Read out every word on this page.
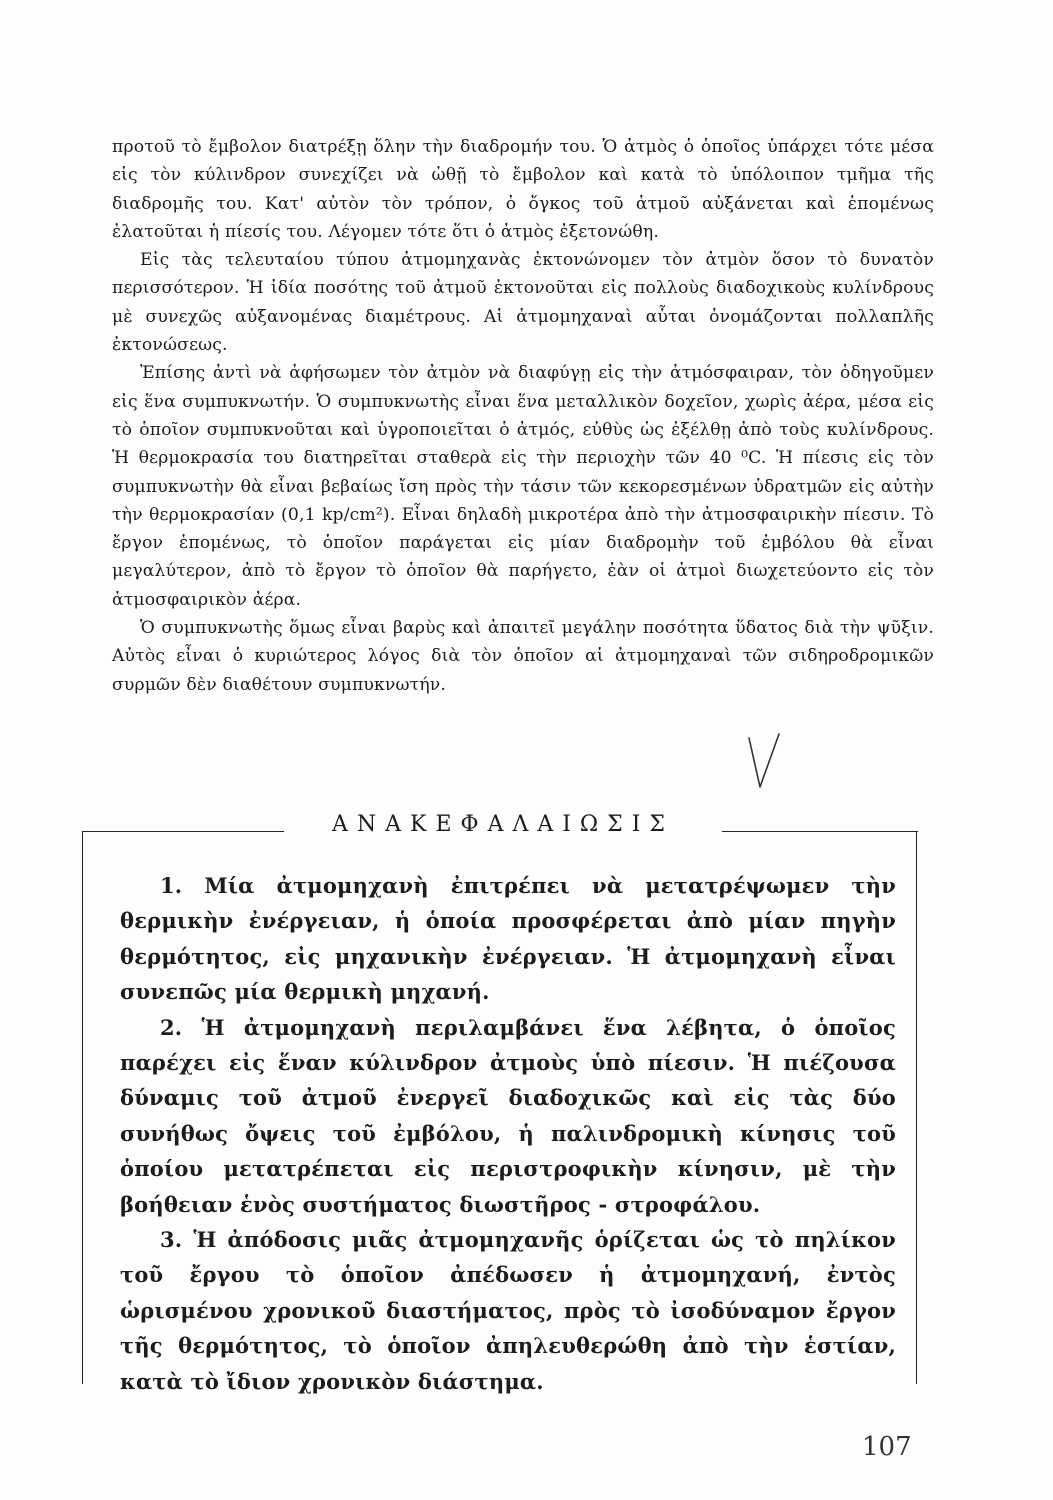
προτοῦ τὸ ἔμβολον διατρέξῃ ὅλην τὴν διαδρομήν του. Ὁ ἀτμὸς ὁ ὁποῖος ὑπάρχει τότε μέσα εἰς τὸν κύλινδρον συνεχίζει νὰ ὠθῇ τὸ ἔμβολον καὶ κατὰ τὸ ὑπόλοιπον τμῆμα τῆς διαδρομῆς του. Κατ' αὐτὸν τὸν τρόπον, ὁ ὄγκος τοῦ ἀτμοῦ αὐξάνεται καὶ ἑπομένως ἐλατοῦται ἡ πίεσίς του. Λέγομεν τότε ὅτι ὁ ἀτμὸς ἐξετονώθη.

Εἰς τὰς τελευταίου τύπου ἀτμομηχανὰς ἐκτονώνομεν τὸν ἀτμὸν ὅσον τὸ δυνατὸν περισσότερον. Ἡ ἰδία ποσότης τοῦ ἀτμοῦ ἐκτονοῦται εἰς πολλοὺς διαδοχικοὺς κυλίνδρους μὲ συνεχῶς αὐξανομένας διαμέτρους. Αἱ ἀτμομηχαναὶ αὗται ὀνομάζονται πολλαπλῆς ἐκτονώσεως.

Ἐπίσης ἀντὶ νὰ ἀφήσωμεν τὸν ἀτμὸν νὰ διαφύγῃ εἰς τὴν ἀτμόσφαιραν, τὸν ὁδηγοῦμεν εἰς ἕνα συμπυκνωτήν. Ὁ συμπυκνωτὴς εἶναι ἕνα μεταλλικὸν δοχεῖον, χωρὶς ἀέρα, μέσα εἰς τὸ ὁποῖον συμπυκνοῦται καὶ ὑγροποιεῖται ὁ ἀτμός, εὐθὺς ὡς ἐξέλθῃ ἀπὸ τοὺς κυλίνδρους. Ἡ θερμοκρασία του διατηρεῖται σταθερὰ εἰς τὴν περιοχὴν τῶν 40 ⁰C. Ἡ πίεσις εἰς τὸν συμπυκνωτὴν θὰ εἶναι βεβαίως ἴση πρὸς τὴν τάσιν τῶν κεκορεσμένων ὑδρατμῶν εἰς αὐτὴν τὴν θερμοκρασίαν (0,1 kp/cm²). Εἶναι δηλαδὴ μικροτέρα ἀπὸ τὴν ἀτμοσφαιρικὴν πίεσιν. Τὸ ἔργον ἑπομένως, τὸ ὁποῖον παράγεται εἰς μίαν διαδρομὴν τοῦ ἐμβόλου θὰ εἶναι μεγαλύτερον, ἀπὸ τὸ ἔργον τὸ ὁποῖον θὰ παρήγετο, ἐὰν οἱ ἀτμοὶ διωχετεύοντο εἰς τὸν ἀτμοσφαιρικὸν ἀέρα.

Ὁ συμπυκνωτὴς ὅμως εἶναι βαρὺς καὶ ἀπαιτεῖ μεγάλην ποσότητα ὕδατος διὰ τὴν ψῦξιν. Αὐτὸς εἶναι ὁ κυριώτερος λόγος διὰ τὸν ὁποῖον αἱ ἀτμομηχαναὶ τῶν σιδηροδρομικῶν συρμῶν δὲν διαθέτουν συμπυκνωτήν.

ΑΝΑΚΕΦΑΛΑΙΩΣΙΣ

1. Μία ἀτμομηχανὴ ἐπιτρέπει νὰ μετατρέψωμεν τὴν θερμικὴν ἐνέργειαν, ἡ ὁποία προσφέρεται ἀπὸ μίαν πηγὴν θερμότητος, εἰς μηχανικὴν ἐνέργειαν. Ἡ ἀτμομηχανὴ εἶναι συνεπῶς μία θερμικὴ μηχανή.

2. Ἡ ἀτμομηχανὴ περιλαμβάνει ἕνα λέβητα, ὁ ὁποῖος παρέχει εἰς ἕναν κύλινδρον ἀτμοὺς ὑπὸ πίεσιν. Ἡ πιέζουσα δύναμις τοῦ ἀτμοῦ ἐνεργεῖ διαδοχικῶς καὶ εἰς τὰς δύο συνήθως ὄψεις τοῦ ἐμβόλου, ἡ παλινδρομικὴ κίνησις τοῦ ὁποίου μετατρέπεται εἰς περιστροφικὴν κίνησιν, μὲ τὴν βοήθειαν ἑνὸς συστήματος διωστῆρος - στροφάλου.

3. Ἡ ἀπόδοσις μιᾶς ἀτμομηχανῆς ὁρίζεται ὡς τὸ πηλίκον τοῦ ἔργου τὸ ὁποῖον ἀπέδωσεν ἡ ἀτμομηχανή, ἐντὸς ὡρισμένου χρονικοῦ διαστήματος, πρὸς τὸ ἰσοδύναμον ἔργον τῆς θερμότητος, τὸ ὁποῖον ἀπηλευθερώθη ἀπὸ τὴν ἑστίαν, κατὰ τὸ ἴδιον χρονικὸν διάστημα.

107
